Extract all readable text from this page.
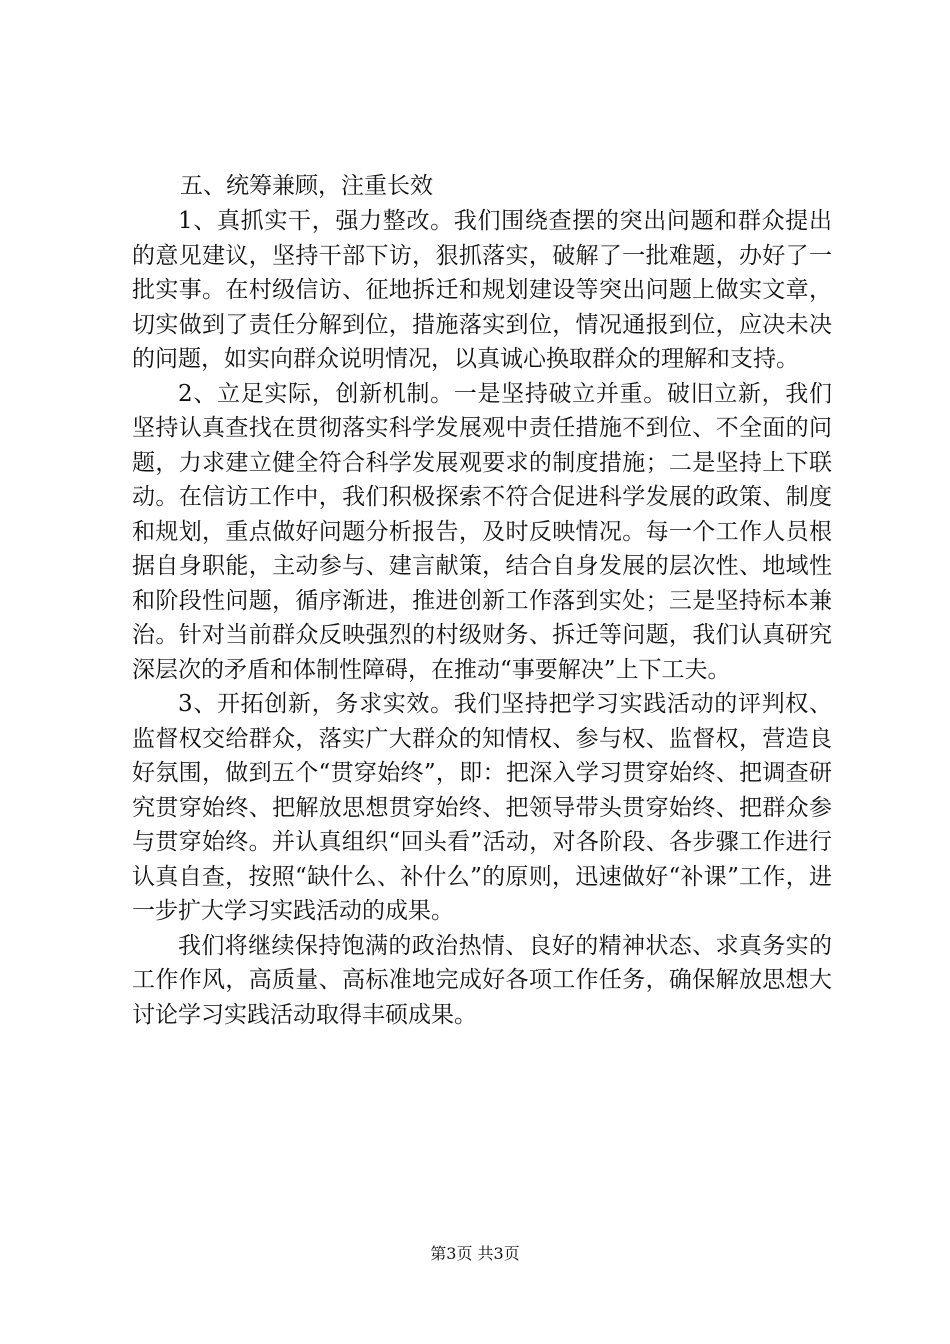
五、统筹兼顾，注重长效

1、真抓实干，强力整改。我们围绕查摆的突出问题和群众提出的意见建议，坚持干部下访，狠抓落实，破解了一批难题，办好了一批实事。在村级信访、征地拆迁和规划建设等突出问题上做实文章，切实做到了责任分解到位，措施落实到位，情况通报到位，应决未决的问题，如实向群众说明情况，以真诚心换取群众的理解和支持。

2、立足实际，创新机制。一是坚持破立并重。破旧立新，我们坚持认真查找在贯彻落实科学发展观中责任措施不到位、不全面的问题，力求建立健全符合科学发展观要求的制度措施；二是坚持上下联动。在信访工作中，我们积极探索不符合促进科学发展的政策、制度和规划，重点做好问题分析报告，及时反映情况。每一个工作人员根据自身职能，主动参与、建言献策，结合自身发展的层次性、地域性和阶段性问题，循序渐进，推进创新工作落到实处；三是坚持标本兼治。针对当前群众反映强烈的村级财务、拆迁等问题，我们认真研究深层次的矛盾和体制性障碍，在推动“事要解决”上下工夫。

3、开拓创新，务求实效。我们坚持把学习实践活动的评判权、监督权交给群众，落实广大群众的知情权、参与权、监督权，营造良好氛围，做到五个“贯穿始终”，即：把深入学习贯穿始终、把调查研究贯穿始终、把解放思想贯穿始终、把领导带头贯穿始终、把群众参与贯穿始终。并认真组织“回头看”活动，对各阶段、各步骤工作进行认真自查，按照“缺什么、补什么”的原则，迅速做好“补课”工作，进一步扩大学习实践活动的成果。

我们将继续保持饱满的政治热情、良好的精神状态、求真务实的工作作风，高质量、高标准地完成好各项工作任务，确保解放思想大讨论学习实践活动取得丰硕成果。

第3页 共3页
